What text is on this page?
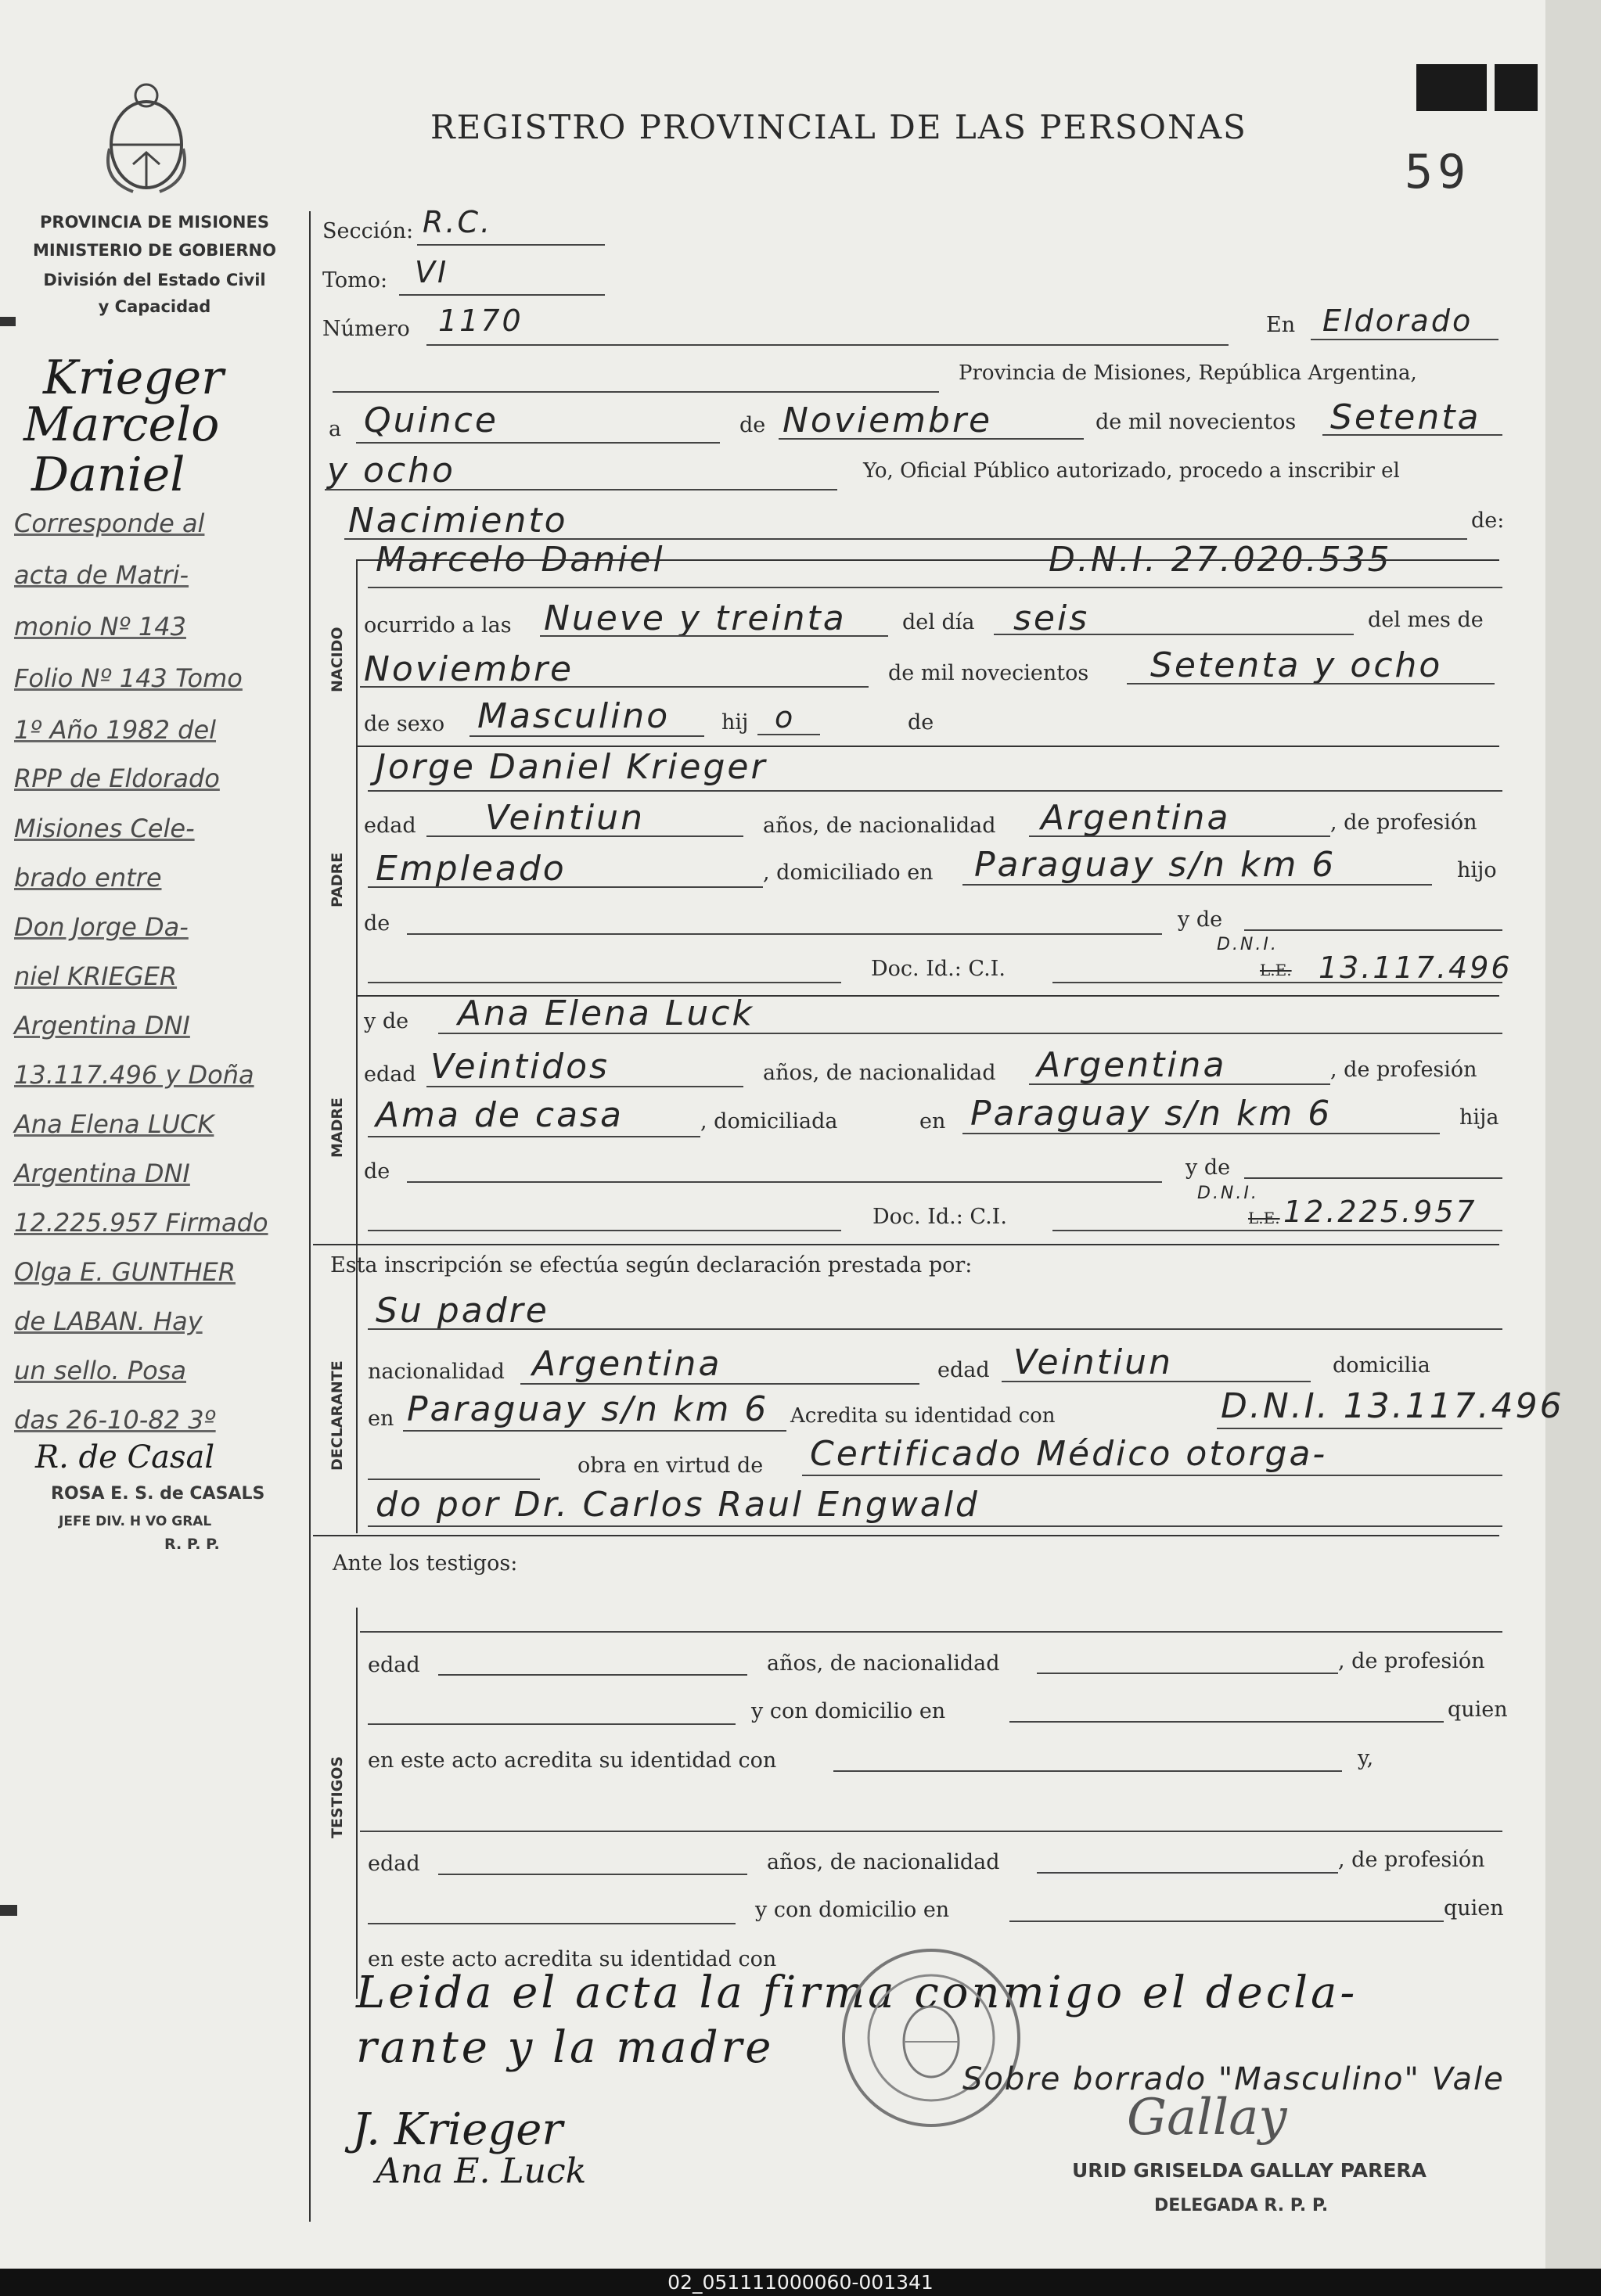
REGISTRO PROVINCIAL DE LAS PERSONAS
59
PROVINCIA DE MISIONES
MINISTERIO DE GOBIERNO
División del Estado Civil
y Capacidad
Krieger
Marcelo
Daniel
Corresponde al
acta de Matri-
monio Nº 143
Folio Nº 143 Tomo
1º Año 1982 del
RPP de Eldorado
Misiones Cele-
brado entre
Don Jorge Da-
niel KRIEGER
Argentina DNI
13.117.496 y Doña
Ana Elena LUCK
Argentina DNI
12.225.957 Firmado
Olga E. GUNTHER
de LABAN. Hay
un sello. Posa
das 26-10-82 3º
R. de Casal
ROSA E. S. de CASALS
JEFE DIV. H VO GRAL
R. P. P.
Sección: R.C.
Tomo: VI
Número 1170	En Eldorado
Provincia de Misiones, República Argentina,
a Quince	de Noviembre	de mil novecientos Setenta
y ocho	Yo, Oficial Público autorizado, procedo a inscribir el
Nacimiento	de:
NACIDO
Marcelo Daniel	D.N.I. 27.020.535
ocurrido a las Nueve y treinta	del día seis	del mes de
Noviembre	de mil novecientos Setenta y ocho
de sexo Masculino hij o	de
PADRE
Jorge Daniel Krieger
edad Veintiun	años, de nacionalidad Argentina	, de profesión
Empleado	, domiciliado en Paraguay s/n km 6	hijo
de	y de
Doc. Id.: C.I.
D.N.I.
L.E. 13.117.496
MADRE
y de Ana Elena Luck
edad Veintidos	años, de nacionalidad Argentina	, de profesión
Ama de casa	, domiciliada	en Paraguay s/n km 6	hija
de	y de
Doc. Id.: C.I.
D.N.I.
L.E. 12.225.957
Esta inscripción se efectúa según declaración prestada por:
DECLARANTE
Su padre
nacionalidad Argentina	edad Veintiun	domicilia
en Paraguay s/n km 6 Acredita su identidad con	D.N.I. 13.117.496
obra en virtud de Certificado Médico otorga-
do por Dr. Carlos Raul Engwald
Ante los testigos:
TESTIGOS
edad	años, de nacionalidad	, de profesión
y con domicilio en	quien
en este acto acredita su identidad con	y,
edad	años, de nacionalidad	, de profesión
y con domicilio en	quien
en este acto acredita su identidad con
Leida el acta la firma conmigo el decla-
rante y la madre
Sobre borrado "Masculino" Vale
J. Krieger
Ana E. Luck
Gallay
URID GRISELDA GALLAY PARERA
DELEGADA R. P. P.
02_051111000060-001341
